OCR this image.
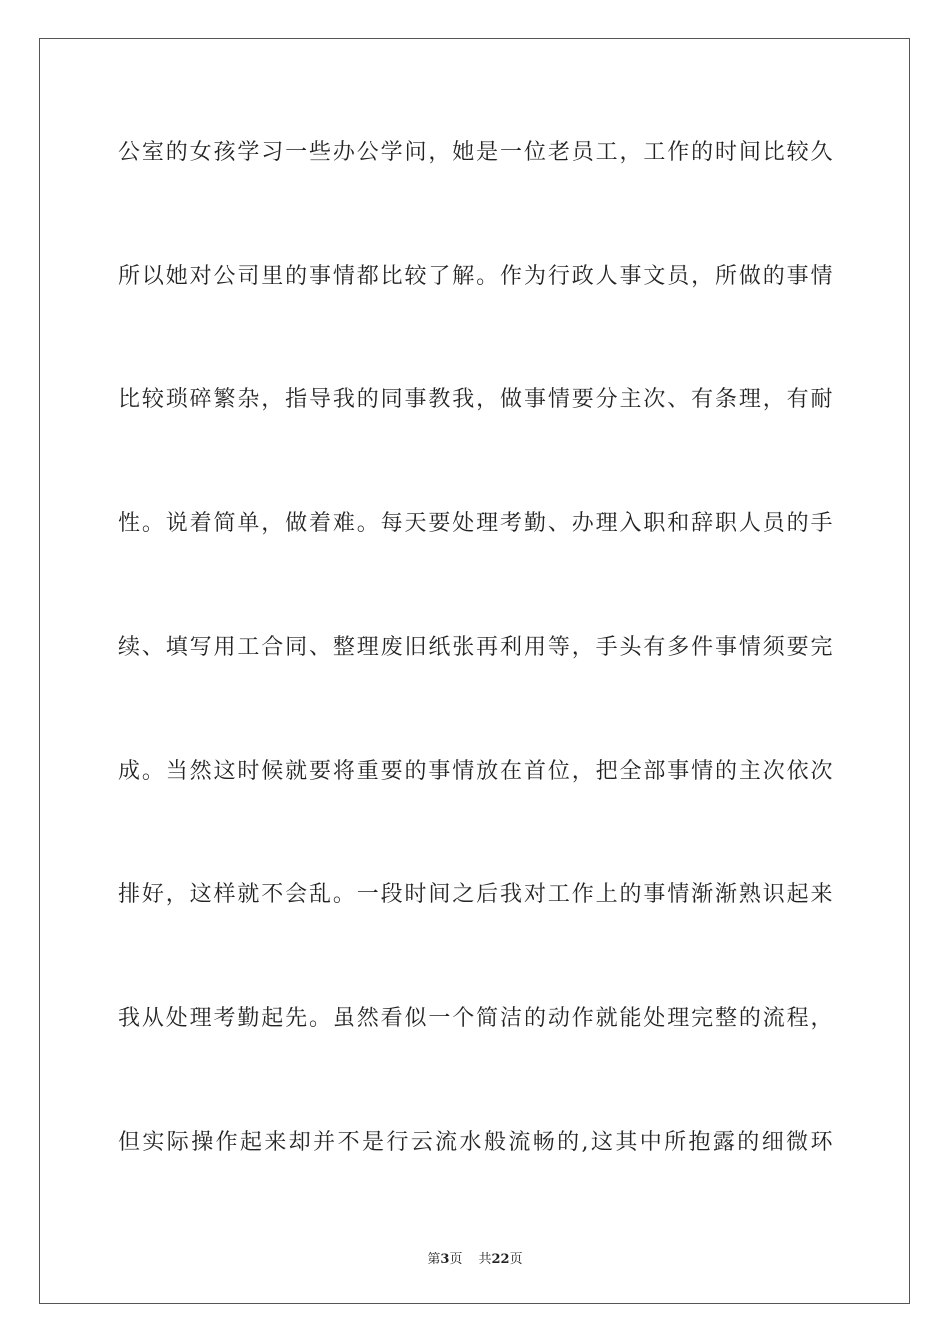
公室的女孩学习一些办公学问，她是一位老员工，工作的时间比较久
所以她对公司里的事情都比较了解。作为行政人事文员，所做的事情
比较琐碎繁杂，指导我的同事教我，做事情要分主次、有条理，有耐
性。说着简单，做着难。每天要处理考勤、办理入职和辞职人员的手
续、填写用工合同、整理废旧纸张再利用等，手头有多件事情须要完
成。当然这时候就要将重要的事情放在首位，把全部事情的主次依次
排好，这样就不会乱。一段时间之后我对工作上的事情渐渐熟识起来
我从处理考勤起先。虽然看似一个简洁的动作就能处理完整的流程，
但实际操作起来却并不是行云流水般流畅的,这其中所抱露的细微环
第3页 共22页
